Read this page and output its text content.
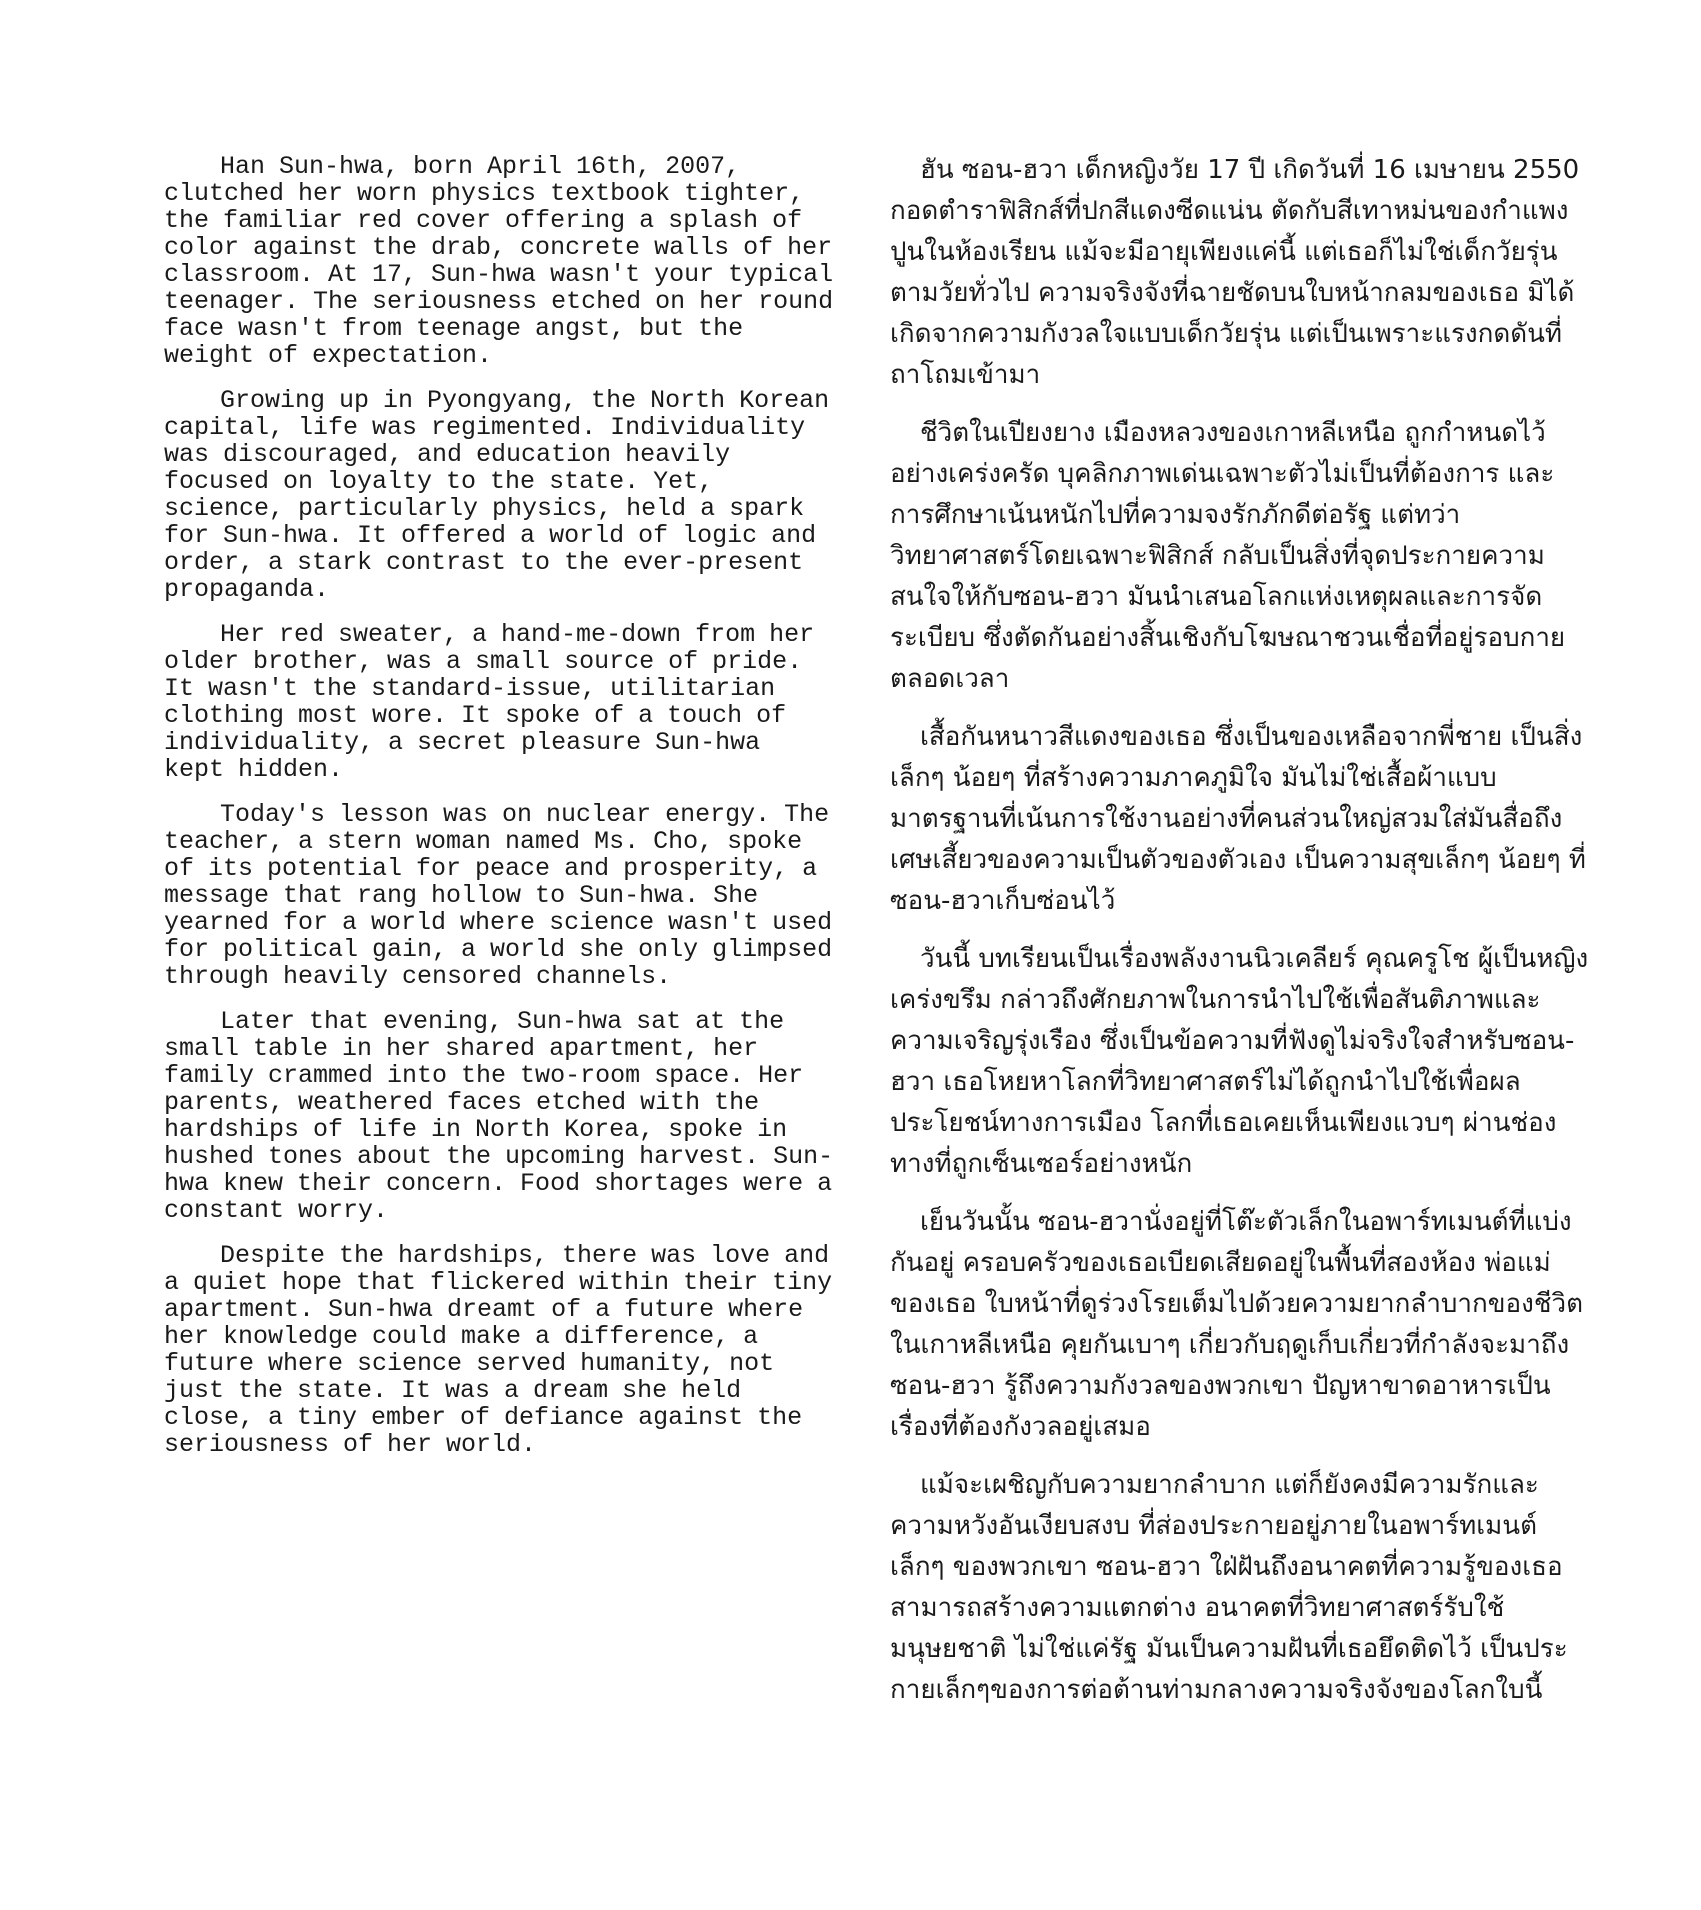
Han Sun-hwa, born April 16th, 2007, clutched her worn physics textbook tighter, the familiar red cover offering a splash of color against the drab, concrete walls of her classroom. At 17, Sun-hwa wasn't your typical teenager. The seriousness etched on her round face wasn't from teenage angst, but the weight of expectation.

Growing up in Pyongyang, the North Korean capital, life was regimented. Individuality was discouraged, and education heavily focused on loyalty to the state. Yet, science, particularly physics, held a spark for Sun-hwa. It offered a world of logic and order, a stark contrast to the ever-present propaganda.

Her red sweater, a hand-me-down from her older brother, was a small source of pride. It wasn't the standard-issue, utilitarian clothing most wore. It spoke of a touch of individuality, a secret pleasure Sun-hwa kept hidden.

Today's lesson was on nuclear energy. The teacher, a stern woman named Ms. Cho, spoke of its potential for peace and prosperity, a message that rang hollow to Sun-hwa. She yearned for a world where science wasn't used for political gain, a world she only glimpsed through heavily censored channels.

Later that evening, Sun-hwa sat at the small table in her shared apartment, her family crammed into the two-room space. Her parents, weathered faces etched with the hardships of life in North Korea, spoke in hushed tones about the upcoming harvest. Sun-hwa knew their concern. Food shortages were a constant worry.

Despite the hardships, there was love and a quiet hope that flickered within their tiny apartment. Sun-hwa dreamt of a future where her knowledge could make a difference, a future where science served humanity, not just the state. It was a dream she held close, a tiny ember of defiance against the seriousness of her world.

ฮัน ซอน-ฮวา เด็กหญิงวัย 17 ปี เกิดวันที่ 16 เมษายน 2550 กอดตำราฟิสิกส์ที่ปกสีแดงซีดแน่น ตัดกับสีเทาหม่นของกำแพงปูนในห้องเรียน แม้จะมีอายุเพียงแค่นี้ แต่เธอก็ไม่ใช่เด็กวัยรุ่นตามวัยทั่วไป ความจริงจังที่ฉายชัดบนใบหน้ากลมของเธอ มิได้เกิดจากความกังวลใจแบบเด็กวัยรุ่น แต่เป็นเพราะแรงกดดันที่ถาโถมเข้ามา

ชีวิตในเปียงยาง เมืองหลวงของเกาหลีเหนือ ถูกกำหนดไว้อย่างเคร่งครัด บุคลิกภาพเด่นเฉพาะตัวไม่เป็นที่ต้องการ และการศึกษาเน้นหนักไปที่ความจงรักภักดีต่อรัฐ แต่ทว่าวิทยาศาสตร์โดยเฉพาะฟิสิกส์ กลับเป็นสิ่งที่จุดประกายความสนใจให้กับซอน-ฮวา มันนำเสนอโลกแห่งเหตุผลและการจัดระเบียบ ซึ่งตัดกันอย่างสิ้นเชิงกับโฆษณาชวนเชื่อที่อยู่รอบกายตลอดเวลา

เสื้อกันหนาวสีแดงของเธอ ซึ่งเป็นของเหลือจากพี่ชาย เป็นสิ่งเล็กๆ น้อยๆ ที่สร้างความภาคภูมิใจ มันไม่ใช่เสื้อผ้าแบบมาตรฐานที่เน้นการใช้งานอย่างที่คนส่วนใหญ่สวมใส่มันสื่อถึงเศษเสี้ยวของความเป็นตัวของตัวเอง เป็นความสุขเล็กๆ น้อยๆ ที่ซอน-ฮวาเก็บซ่อนไว้

วันนี้ บทเรียนเป็นเรื่องพลังงานนิวเคลียร์ คุณครูโช ผู้เป็นหญิงเคร่งขรึม กล่าวถึงศักยภาพในการนำไปใช้เพื่อสันติภาพและความเจริญรุ่งเรือง ซึ่งเป็นข้อความที่ฟังดูไม่จริงใจสำหรับซอน-ฮวา เธอโหยหาโลกที่วิทยาศาสตร์ไม่ได้ถูกนำไปใช้เพื่อผลประโยชน์ทางการเมือง โลกที่เธอเคยเห็นเพียงแวบๆ ผ่านช่องทางที่ถูกเซ็นเซอร์อย่างหนัก

เย็นวันนั้น ซอน-ฮวานั่งอยู่ที่โต๊ะตัวเล็กในอพาร์ทเมนต์ที่แบ่งกันอยู่ ครอบครัวของเธอเบียดเสียดอยู่ในพื้นที่สองห้อง พ่อแม่ของเธอ ใบหน้าที่ดูร่วงโรยเต็มไปด้วยความยากลำบากของชีวิตในเกาหลีเหนือ คุยกันเบาๆ เกี่ยวกับฤดูเก็บเกี่ยวที่กำลังจะมาถึง ซอน-ฮวา รู้ถึงความกังวลของพวกเขา ปัญหาขาดอาหารเป็นเรื่องที่ต้องกังวลอยู่เสมอ

แม้จะเผชิญกับความยากลำบาก แต่ก็ยังคงมีความรักและความหวังอันเงียบสงบ ที่ส่องประกายอยู่ภายในอพาร์ทเมนต์เล็กๆ ของพวกเขา ซอน-ฮวา ใฝ่ฝันถึงอนาคตที่ความรู้ของเธอสามารถสร้างความแตกต่าง อนาคตที่วิทยาศาสตร์รับใช้มนุษยชาติ ไม่ใช่แค่รัฐ มันเป็นความฝันที่เธอยึดติดไว้ เป็นประกายเล็กๆของการต่อต้านท่ามกลางความจริงจังของโลกใบนี้
